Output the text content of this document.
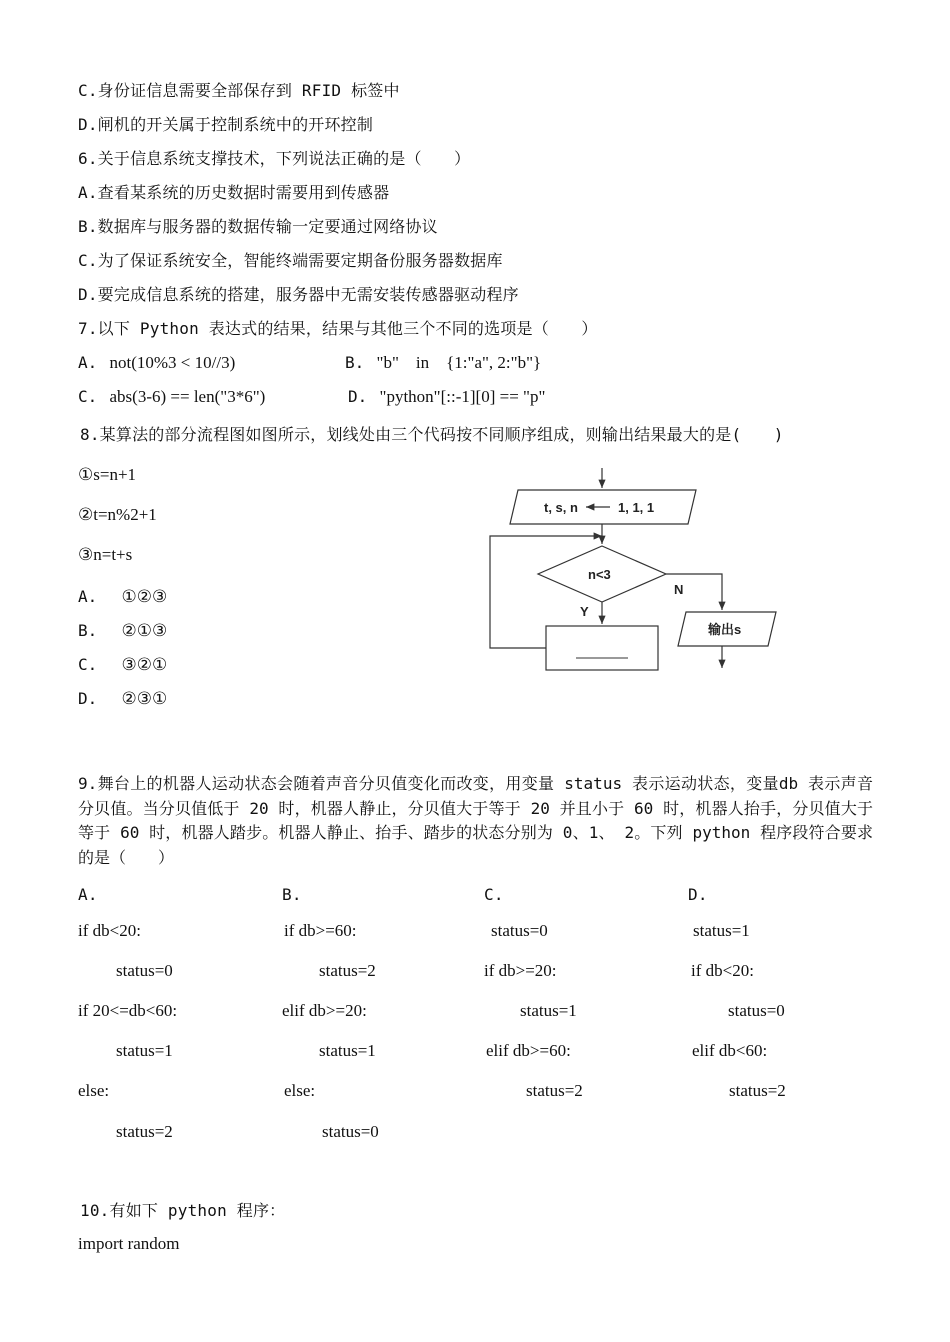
C.身份证信息需要全部保存到 RFID 标签中
D.闸机的开关属于控制系统中的开环控制
6.关于信息系统支撑技术，下列说法正确的是（　　）
A.查看某系统的历史数据时需要用到传感器
B.数据库与服务器的数据传输一定要通过网络协议
C.为了保证系统安全，智能终端需要定期备份服务器数据库
D.要完成信息系统的搭建，服务器中无需安装传感器驱动程序
7.以下 Python 表达式的结果，结果与其他三个不同的选项是（　　）
A. not(10%3 < 10//3)	B. "b"    in    {1:"a", 2:"b"}
C. abs(3-6) == len("3*6")	D. "python"[::-1][0] == "p"
8.某算法的部分流程图如图所示，划线处由三个代码按不同顺序组成，则输出结果最大的是(　　)
①s=n+1
②t=n%2+1
③n=t+s
A. ①②③
B. ②①③
C. ③②①
D. ②③①
t, s, n	1, 1, 1
n<3
Y
N
输出s
9.舞台上的机器人运动状态会随着声音分贝值变化而改变，用变量 status 表示运动状态，变量db 表示声音分贝值。当分贝值低于 20 时，机器人静止，分贝值大于等于 20 并且小于 60 时，机器人抬手，分贝值大于等于 60 时，机器人踏步。机器人静止、抬手、踏步的状态分别为 0、1、 2。下列 python 程序段符合要求的是（　　）
A.
if db<20:
status=0
if 20<=db<60:
status=1
else:
status=2
B.
if db>=60:
status=2
elif db>=20:
status=1
else:
status=0
C.
status=0
if db>=20:
status=1
elif db>=60:
status=2
D.
status=1
if db<20:
status=0
elif db<60:
status=2
10.有如下 python 程序：
import random
